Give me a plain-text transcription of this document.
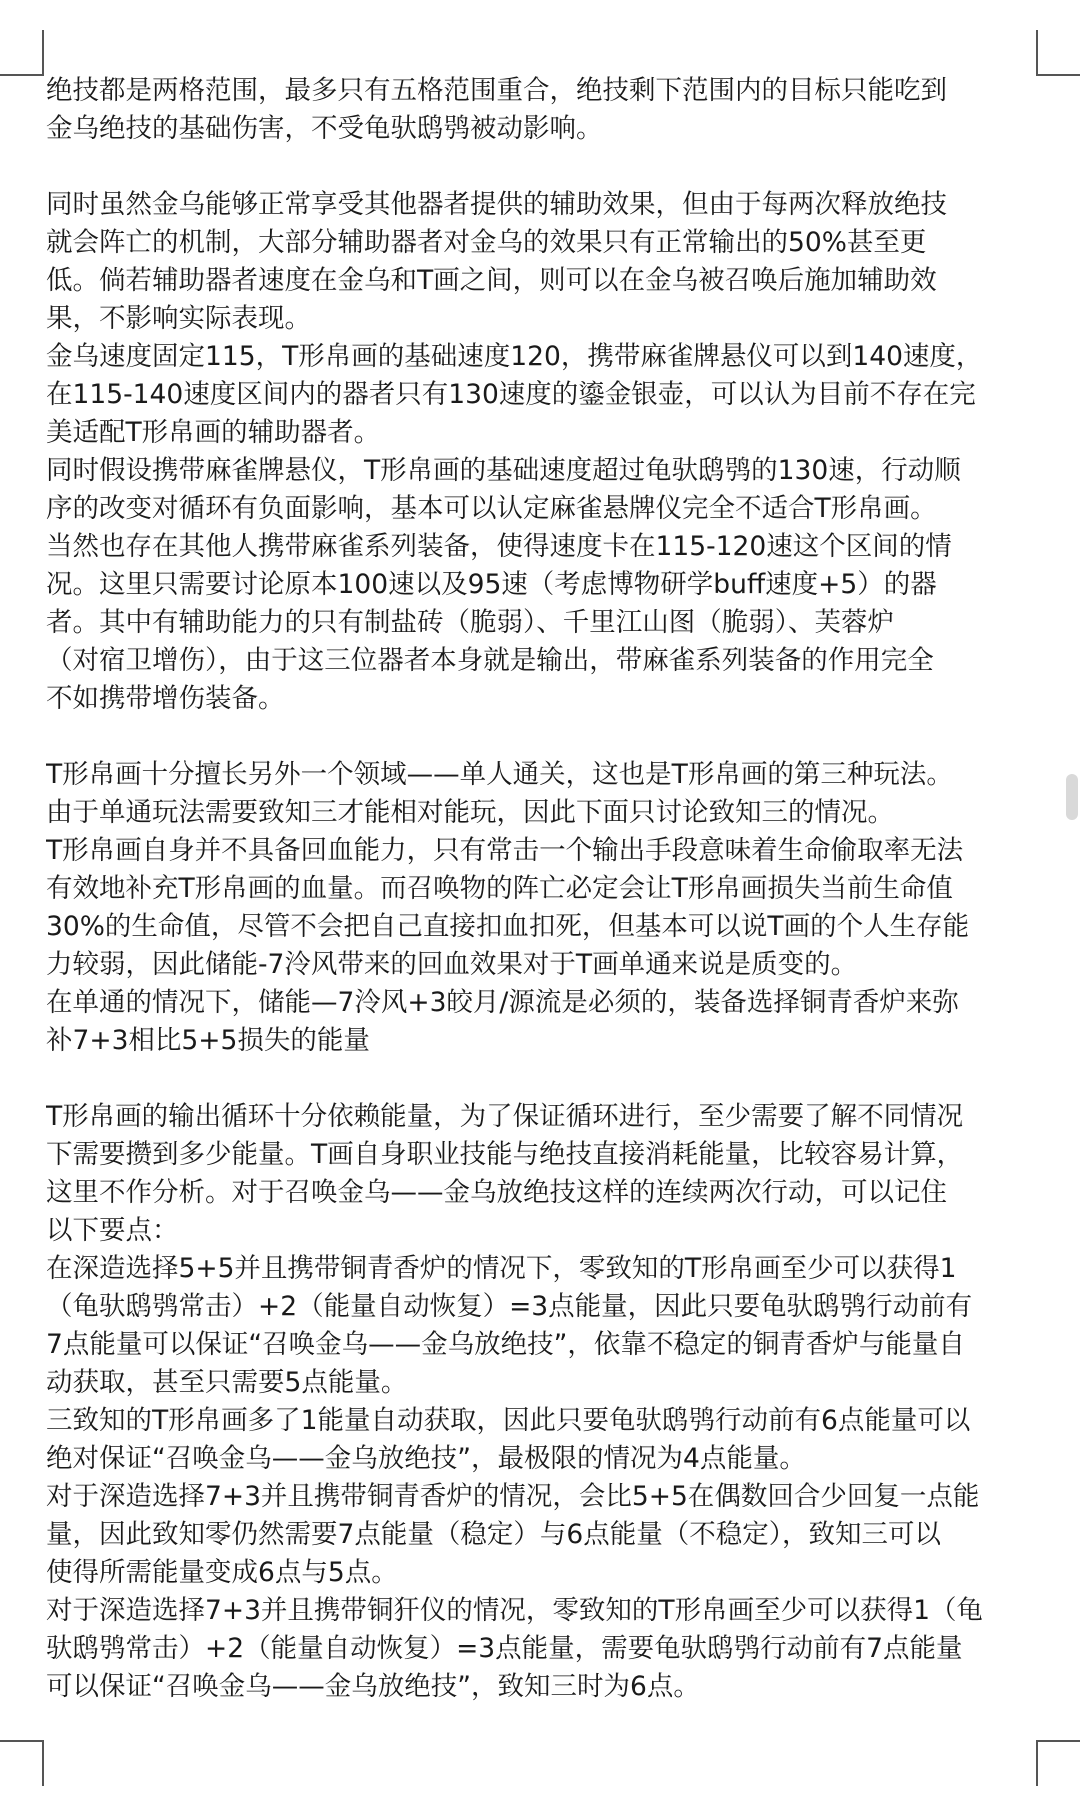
绝技都是两格范围，最多只有五格范围重合，绝技剩下范围内的目标只能吃到
金乌绝技的基础伤害，不受龟驮鸱鸮被动影响。
同时虽然金乌能够正常享受其他器者提供的辅助效果，但由于每两次释放绝技
就会阵亡的机制，大部分辅助器者对金乌的效果只有正常输出的50%甚至更
低。倘若辅助器者速度在金乌和T画之间，则可以在金乌被召唤后施加辅助效
果，不影响实际表现。
金乌速度固定115，T形帛画的基础速度120，携带麻雀牌悬仪可以到140速度，
在115-140速度区间内的器者只有130速度的鎏金银壶，可以认为目前不存在完
美适配T形帛画的辅助器者。
同时假设携带麻雀牌悬仪，T形帛画的基础速度超过龟驮鸱鸮的130速，行动顺
序的改变对循环有负面影响，基本可以认定麻雀悬牌仪完全不适合T形帛画。
当然也存在其他人携带麻雀系列装备，使得速度卡在115-120速这个区间的情
况。这里只需要讨论原本100速以及95速（考虑博物研学buff速度+5）的器
者。其中有辅助能力的只有制盐砖（脆弱）、千里江山图（脆弱）、芙蓉炉
（对宿卫增伤），由于这三位器者本身就是输出，带麻雀系列装备的作用完全
不如携带增伤装备。
T形帛画十分擅长另外一个领域——单人通关，这也是T形帛画的第三种玩法。
由于单通玩法需要致知三才能相对能玩，因此下面只讨论致知三的情况。
T形帛画自身并不具备回血能力，只有常击一个输出手段意味着生命偷取率无法
有效地补充T形帛画的血量。而召唤物的阵亡必定会让T形帛画损失当前生命值
30%的生命值，尽管不会把自己直接扣血扣死，但基本可以说T画的个人生存能
力较弱，因此储能-7泠风带来的回血效果对于T画单通来说是质变的。
在单通的情况下，储能—7泠风+3皎月/源流是必须的，装备选择铜青香炉来弥
补7+3相比5+5损失的能量
T形帛画的输出循环十分依赖能量，为了保证循环进行，至少需要了解不同情况
下需要攒到多少能量。T画自身职业技能与绝技直接消耗能量，比较容易计算，
这里不作分析。对于召唤金乌——金乌放绝技这样的连续两次行动，可以记住
以下要点：
在深造选择5+5并且携带铜青香炉的情况下，零致知的T形帛画至少可以获得1
（龟驮鸱鸮常击）+2（能量自动恢复）=3点能量，因此只要龟驮鸱鸮行动前有
7点能量可以保证“召唤金乌——金乌放绝技”，依靠不稳定的铜青香炉与能量自
动获取，甚至只需要5点能量。
三致知的T形帛画多了1能量自动获取，因此只要龟驮鸱鸮行动前有6点能量可以
绝对保证“召唤金乌——金乌放绝技”，最极限的情况为4点能量。
对于深造选择7+3并且携带铜青香炉的情况，会比5+5在偶数回合少回复一点能
量，因此致知零仍然需要7点能量（稳定）与6点能量（不稳定），致知三可以
使得所需能量变成6点与5点。
对于深造选择7+3并且携带铜犴仪的情况，零致知的T形帛画至少可以获得1（龟
驮鸱鸮常击）+2（能量自动恢复）=3点能量，需要龟驮鸱鸮行动前有7点能量
可以保证“召唤金乌——金乌放绝技”，致知三时为6点。
